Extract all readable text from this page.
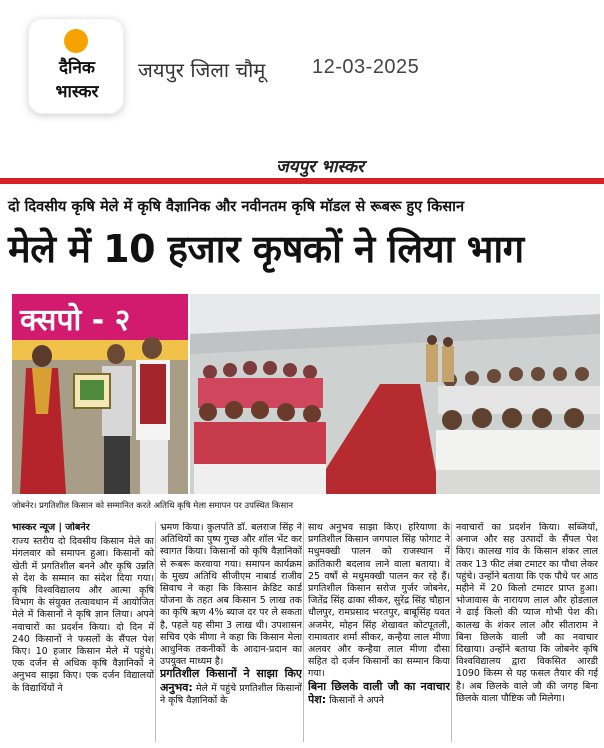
दैनिक
भास्कर
जयपुर जिला चौमू 12-03-2025
जयपुर भास्कर
दो दिवसीय कृषि मेले में कृषि वैज्ञानिक और नवीनतम कृषि मॉडल से रूबरू हुए किसान
मेले में 10 हजार कृषकों ने लिया भाग
क्सपो - २
जोबनेर। प्रगतिशील किसान को सम्मानित करते अतिथि कृषि मेला समापन पर उपस्थित किसान
भास्कर न्यूज | जोबनेर

राज्य स्तरीय दो दिवसीय किसान मेले का मंगलवार को समापन हुआ। किसानों को खेती में प्रगतिशील बनने और कृषि उन्नति से देश के सम्मान का संदेश दिया गया। कृषि विश्वविद्यालय और आत्मा कृषि विभाग के संयुक्त तत्वावधान में आयोजित मेले में किसानों ने कृषि ज्ञान लिया। अपने नवाचारों का प्रदर्शन किया। दो दिन में 240 किसानों ने फसलों के सैंपल पेश किए। 10 हजार किसान मेले में पहुंचे। एक दर्जन से अधिक कृषि वैज्ञानिकों ने अनुभव साझा किए। एक दर्जन विद्यालयों के विद्यार्थियों ने

भ्रमण किया। कुलपति डॉ. बलराज सिंह ने अतिथियों का पुष्प गुच्छ और शॉल भेंट कर स्वागत किया। किसानों को कृषि वैज्ञानिकों से रूबरू करवाया गया। समापन कार्यक्रम के मुख्य अतिथि सीजीएम नाबार्ड राजीव सिवाच ने कहा कि किसान क्रेडिट कार्ड योजना के तहत अब किसान 5 लाख तक का कृषि ऋण 4% ब्याज दर पर ले सकता है, पहले यह सीमा 3 लाख थी। उपशासन सचिव एके मीणा ने कहा कि किसान मेला आधुनिक तकनीकों के आदान-प्रदान का उपयुक्त माध्यम है।

प्रगतिशील किसानों ने साझा किए अनुभव: मेले में पहुंचे प्रगतिशील किसानों ने कृषि वैज्ञानिकों के

साथ अनुभव साझा किए। हरियाणा के प्रगतिशील किसान जगपाल सिंह फोगाट ने मधुमक्खी पालन को राजस्थान में क्रांतिकारी बदलाव लाने वाला बताया। वे 25 वर्षों से मधुमक्खी पालन कर रहे हैं। प्रगतिशील किसान सरोज गुर्जर जोबनेर, जितेंद्र सिंह ढाका सीकर, सुरेंद्र सिंह चौहान धौलपुर, रामप्रसाद भरतपुर, बाबूसिंह यवत अजमेर, मोहन सिंह शेखावत कोटपूतली, रामावतार शर्मा सीकर, कन्हैया लाल मीणा अलवर और कन्हैया लाल मीणा दौसा सहित दो दर्जन किसानों का सम्मान किया गया।

बिना छिलके वाली जौ का नवाचार पेश: किसानों ने अपने

नवाचारों का प्रदर्शन किया। सब्जियों, अनाज और सह उत्पादों के सैंपल पेश किए। कालख गांव के किसान शंकर लाल तकर 13 फीट लंबा टमाटर का पौधा लेकर पहुंचे। उन्होंने बताया कि एक पौधे पर आठ महीने में 20 किलो टमाटर प्राप्त हुआ। भोजावास के नारायण लाल और होडलाल ने ढाई किलो की प्याज गोभी पेश की। कालख के शंकर लाल और सीताराम ने बिना छिलके वाली जौ का नवाचार दिखाया। उन्होंने बताया कि जोबनेर कृषि विश्वविद्यालय द्वारा विकसित आरडी 1090 किस्म से यह फसल तैयार की गई है। अब छिलके वाले जौ की जगह बिना छिलके वाला पौष्टिक जौ मिलेगा।
